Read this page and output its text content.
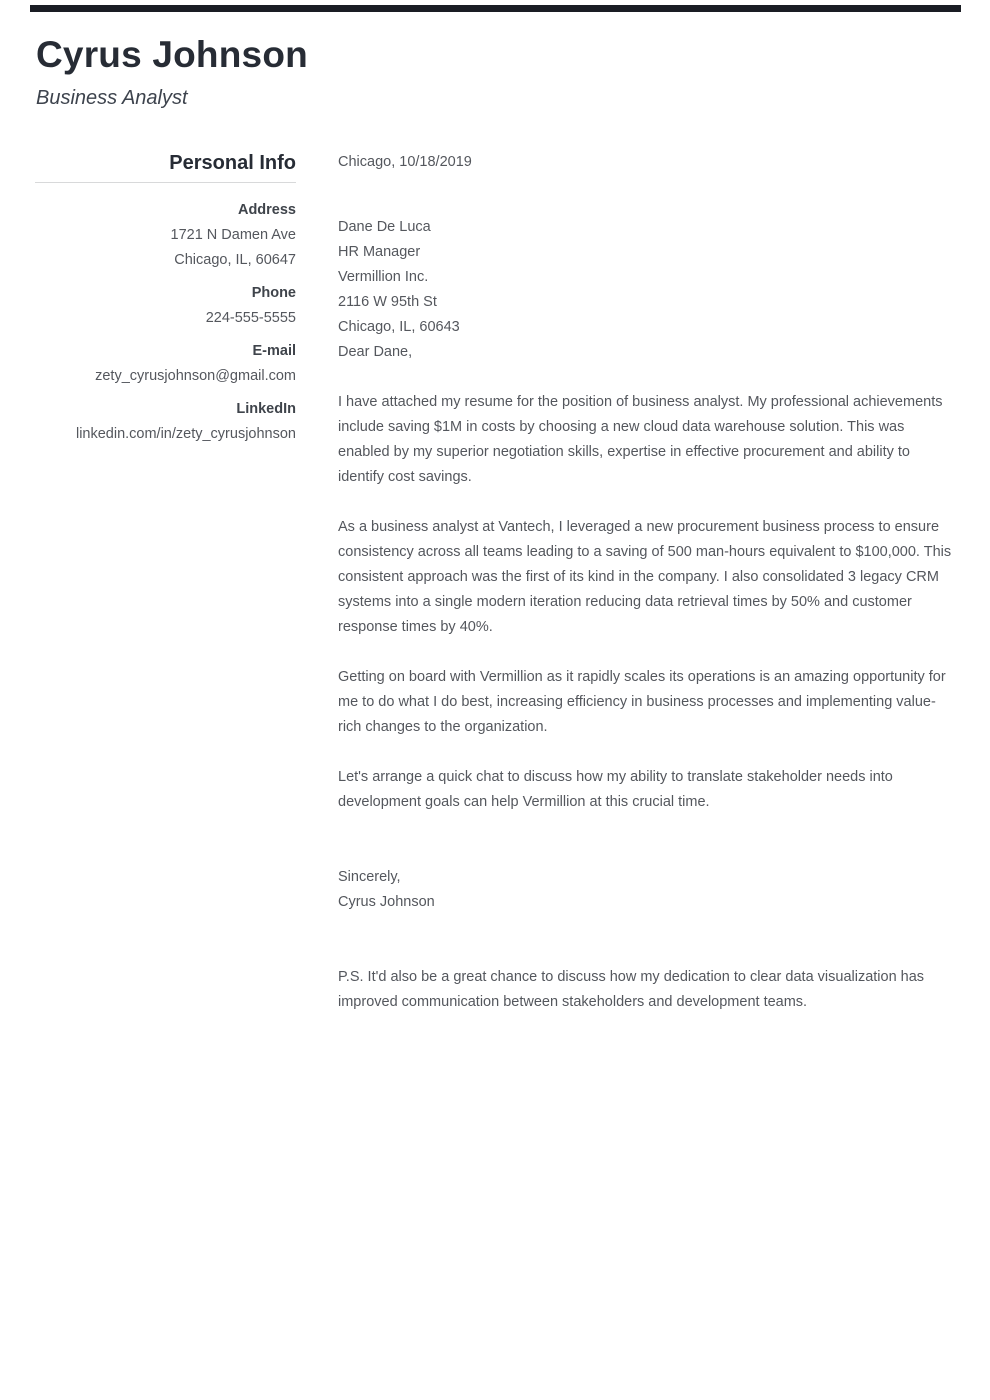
Cyrus Johnson
Business Analyst
Personal Info
Address
1721 N Damen Ave
Chicago, IL, 60647
Phone
224-555-5555
E-mail
zety_cyrusjohnson@gmail.com
LinkedIn
linkedin.com/in/zety_cyrusjohnson

Chicago, 10/18/2019

Dane De Luca

HR Manager

Vermillion Inc.

2116 W 95th St

Chicago, IL, 60643

Dear Dane,

I have attached my resume for the position of business analyst. My professional achievements include saving $1M in costs by choosing a new cloud data warehouse solution. This was enabled by my superior negotiation skills, expertise in effective procurement and ability to identify cost savings.

As a business analyst at Vantech, I leveraged a new procurement business process to ensure consistency across all teams leading to a saving of 500 man-hours equivalent to $100,000. This consistent approach was the first of its kind in the company. I also consolidated 3 legacy CRM systems into a single modern iteration reducing data retrieval times by 50% and customer response times by 40%.

Getting on board with Vermillion as it rapidly scales its operations is an amazing opportunity for me to do what I do best, increasing efficiency in business processes and implementing value-rich changes to the organization.

Let's arrange a quick chat to discuss how my ability to translate stakeholder needs into development goals can help Vermillion at this crucial time.

Sincerely,

Cyrus Johnson

P.S. It'd also be a great chance to discuss how my dedication to clear data visualization has improved communication between stakeholders and development teams.
